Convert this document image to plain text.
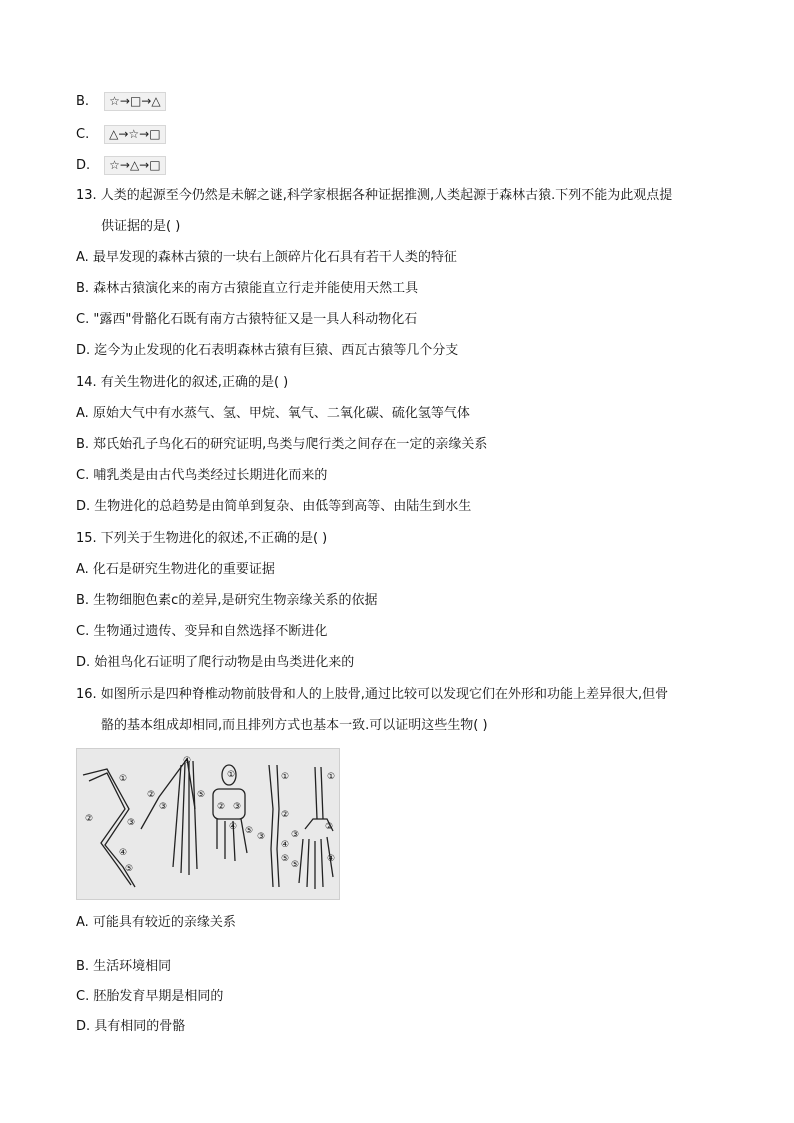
B. ☆→□→△
C. △→☆→□
D. ☆→△→□
13. 人类的起源至今仍然是未解之谜,科学家根据各种证据推测,人类起源于森林古猿.下列不能为此观点提
供证据的是( )
A. 最早发现的森林古猿的一块右上颌碎片化石具有若干人类的特征
B. 森林古猿演化来的南方古猿能直立行走并能使用天然工具
C. "露西"骨骼化石既有南方古猿特征又是一具人科动物化石
D. 迄今为止发现的化石表明森林古猿有巨猿、西瓦古猿等几个分支
14. 有关生物进化的叙述,正确的是( )
A. 原始大气中有水蒸气、氢、甲烷、氧气、二氧化碳、硫化氢等气体
B. 郑氏始孔子鸟化石的研究证明,鸟类与爬行类之间存在一定的亲缘关系
C. 哺乳类是由古代鸟类经过长期进化而来的
D. 生物进化的总趋势是由简单到复杂、由低等到高等、由陆生到水生
15. 下列关于生物进化的叙述,不正确的是( )
A. 化石是研究生物进化的重要证据
B. 生物细胞色素c的差异,是研究生物亲缘关系的依据
C. 生物通过遗传、变异和自然选择不断进化
D. 始祖鸟化石证明了爬行动物是由鸟类进化来的
16. 如图所示是四种脊椎动物前肢骨和人的上肢骨,通过比较可以发现它们在外形和功能上差异很大,但骨
骼的基本组成却相同,而且排列方式也基本一致.可以证明这些生物( )
①
②	③
④
⑤
④
②
③
⑤
①
② ③
⑤
④
①
②
③
④
⑤
①
②
③
④
⑤
A. 可能具有较近的亲缘关系
B. 生活环境相同
C. 胚胎发育早期是相同的
D. 具有相同的骨骼
